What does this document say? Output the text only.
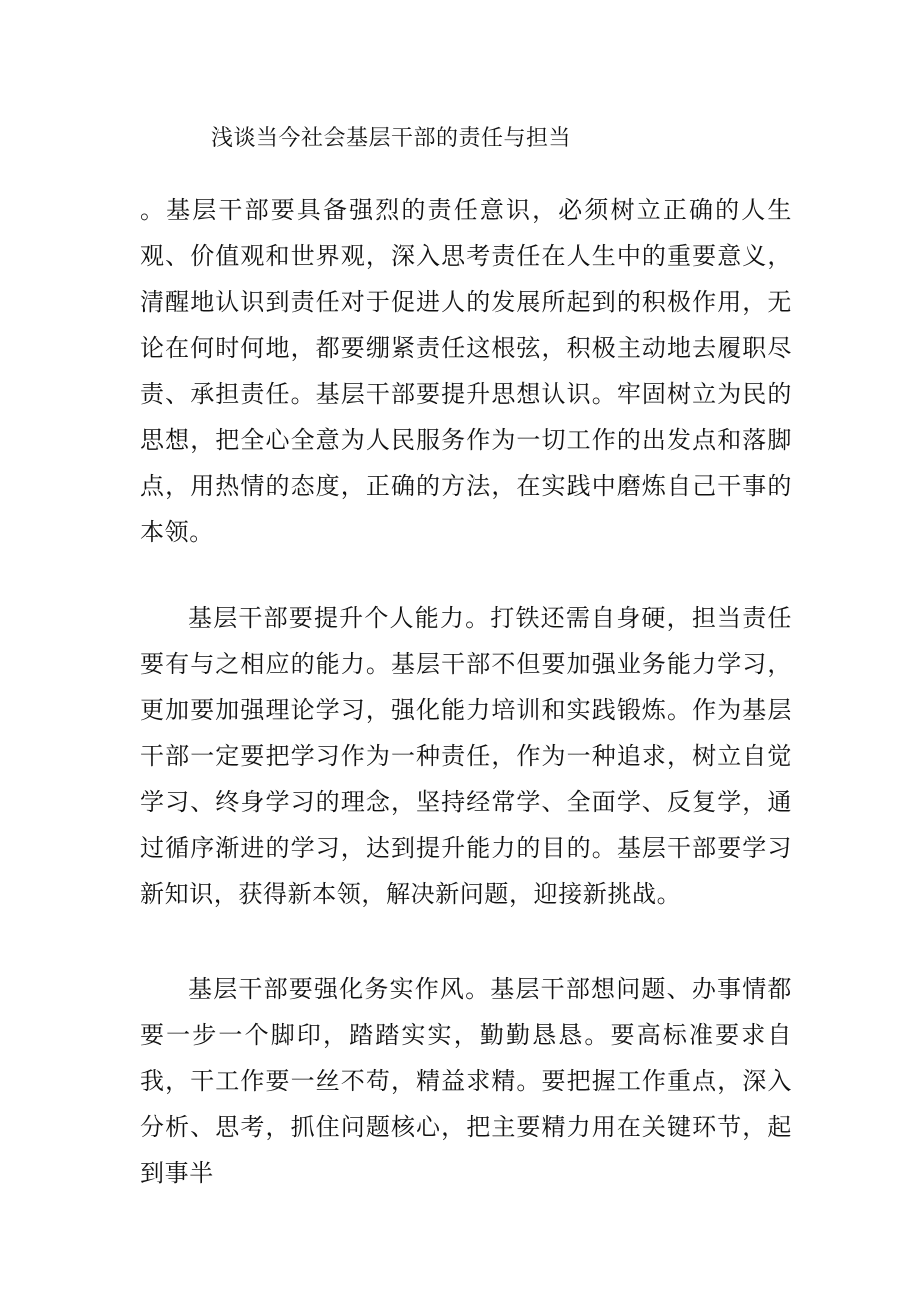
浅谈当今社会基层干部的责任与担当

。基层干部要具备强烈的责任意识，必须树立正确的人生观、价值观和世界观，深入思考责任在人生中的重要意义，清醒地认识到责任对于促进人的发展所起到的积极作用，无论在何时何地，都要绷紧责任这根弦，积极主动地去履职尽责、承担责任。基层干部要提升思想认识。牢固树立为民的思想，把全心全意为人民服务作为一切工作的出发点和落脚点，用热情的态度，正确的方法，在实践中磨炼自己干事的本领。

基层干部要提升个人能力。打铁还需自身硬，担当责任要有与之相应的能力。基层干部不但要加强业务能力学习，更加要加强理论学习，强化能力培训和实践锻炼。作为基层干部一定要把学习作为一种责任，作为一种追求，树立自觉学习、终身学习的理念，坚持经常学、全面学、反复学，通过循序渐进的学习，达到提升能力的目的。基层干部要学习新知识，获得新本领，解决新问题，迎接新挑战。

基层干部要强化务实作风。基层干部想问题、办事情都要一步一个脚印，踏踏实实，勤勤恳恳。要高标准要求自我，干工作要一丝不苟，精益求精。要把握工作重点，深入分析、思考，抓住问题核心，把主要精力用在关键环节，起到事半
